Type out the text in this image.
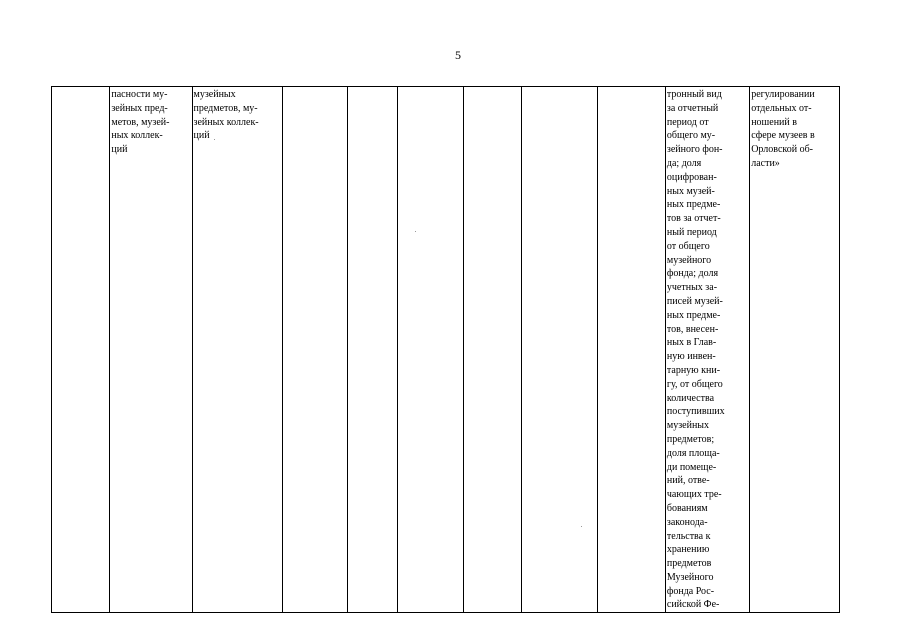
5
	пасности му-
зейных пред-
метов, музей-
ных коллек-
ций	музейных
предметов, му-
зейных коллек-
ций							тронный вид
за отчетный
период от
общего му-
зейного фон-
да; доля
оцифрован-
ных музей-
ных предме-
тов за отчет-
ный период
от общего
музейного
фонда; доля
учетных за-
писей музей-
ных предме-
тов, внесен-
ных в Глав-
ную инвен-
тарную кни-
гу, от общего
количества
поступивших
музейных
предметов;
доля площа-
ди помеще-
ний, отве-
чающих тре-
бованиям
законода-
тельства к
хранению
предметов
Музейного
фонда Рос-
сийской Фе-	регулировании
отдельных от-
ношений в
сфере музеев в
Орловской об-
ласти»
